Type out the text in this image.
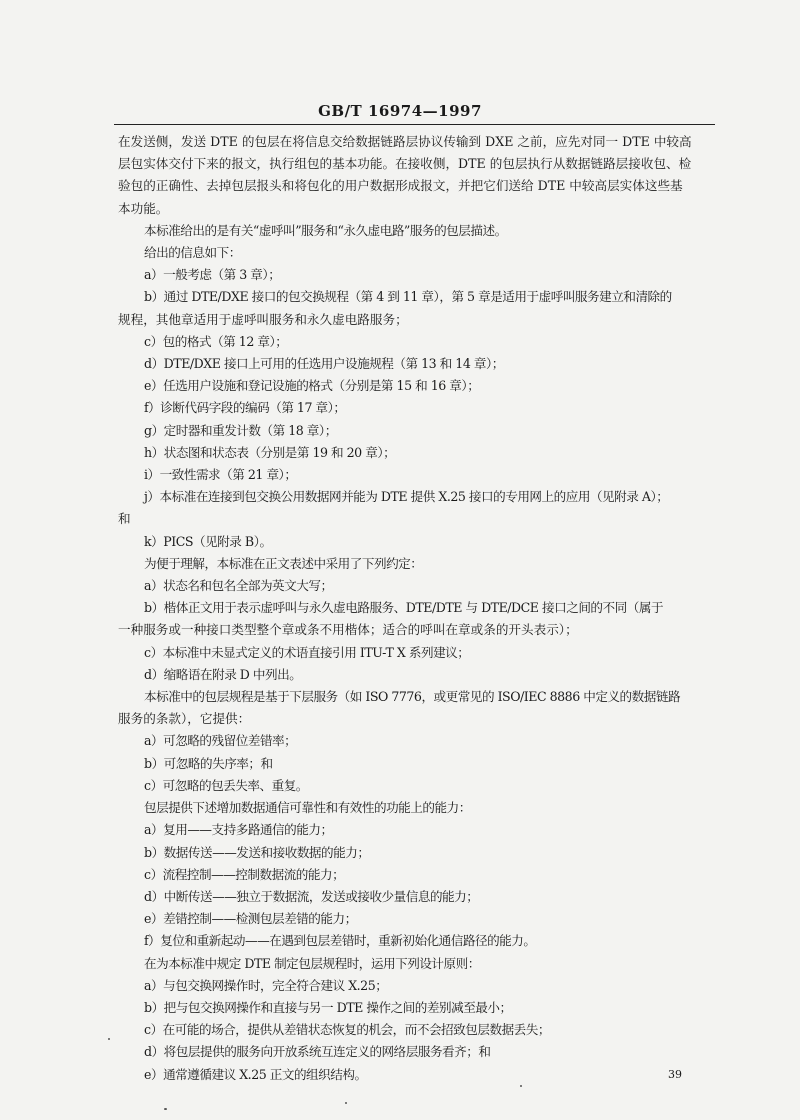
GB/T 16974—1997

在发送侧，发送 DTE 的包层在将信息交给数据链路层协议传输到 DXE 之前，应先对同一 DTE 中较高

层包实体交付下来的报文，执行组包的基本功能。在接收侧，DTE 的包层执行从数据链路层接收包、检

验包的正确性、去掉包层报头和将包化的用户数据形成报文，并把它们送给 DTE 中较高层实体这些基

本功能。

本标准给出的是有关“虚呼叫”服务和“永久虚电路”服务的包层描述。

给出的信息如下：

a）一般考虑（第 3 章）；

b）通过 DTE/DXE 接口的包交换规程（第 4 到 11 章），第 5 章是适用于虚呼叫服务建立和清除的

规程，其他章适用于虚呼叫服务和永久虚电路服务；

c）包的格式（第 12 章）；

d）DTE/DXE 接口上可用的任选用户设施规程（第 13 和 14 章）；

e）任选用户设施和登记设施的格式（分别是第 15 和 16 章）；

f）诊断代码字段的编码（第 17 章）；

g）定时器和重发计数（第 18 章）；

h）状态图和状态表（分别是第 19 和 20 章）；

i）一致性需求（第 21 章）；

j）本标准在连接到包交换公用数据网并能为 DTE 提供 X.25 接口的专用网上的应用（见附录 A）；

和

k）PICS（见附录 B）。

为便于理解，本标准在正文表述中采用了下列约定：

a）状态名和包名全部为英文大写；

b）楷体正文用于表示虚呼叫与永久虚电路服务、DTE/DTE 与 DTE/DCE 接口之间的不同（属于

一种服务或一种接口类型整个章或条不用楷体；适合的呼叫在章或条的开头表示）；

c）本标准中未显式定义的术语直接引用 ITU-T X 系列建议；

d）缩略语在附录 D 中列出。

本标准中的包层规程是基于下层服务（如 ISO 7776，或更常见的 ISO/IEC 8886 中定义的数据链路

服务的条款），它提供：

a）可忽略的残留位差错率；

b）可忽略的失序率；和

c）可忽略的包丢失率、重复。

包层提供下述增加数据通信可靠性和有效性的功能上的能力：

a）复用——支持多路通信的能力；

b）数据传送——发送和接收数据的能力；

c）流程控制——控制数据流的能力；

d）中断传送——独立于数据流，发送或接收少量信息的能力；

e）差错控制——检测包层差错的能力；

f）复位和重新起动——在遇到包层差错时，重新初始化通信路径的能力。

在为本标准中规定 DTE 制定包层规程时，运用下列设计原则：

a）与包交换网操作时，完全符合建议 X.25；

b）把与包交换网操作和直接与另一 DTE 操作之间的差别减至最小；

c）在可能的场合，提供从差错状态恢复的机会，而不会招致包层数据丢失；

d）将包层提供的服务向开放系统互连定义的网络层服务看齐；和

e）通常遵循建议 X.25 正文的组织结构。	39
